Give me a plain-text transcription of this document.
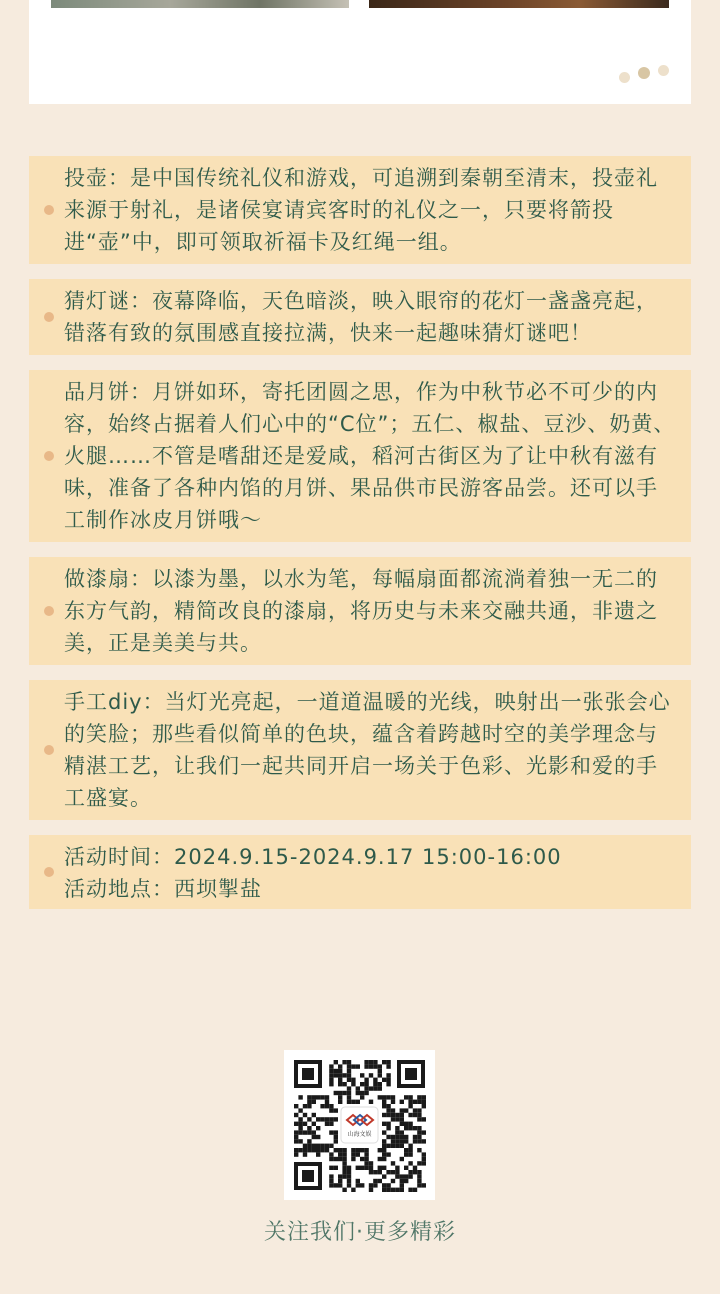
投壶：是中国传统礼仪和游戏，可追溯到秦朝至清末，投壶礼来源于射礼，是诸侯宴请宾客时的礼仪之一，只要将箭投进“壶”中，即可领取祈福卡及红绳一组。

猜灯谜：夜幕降临，天色暗淡，映入眼帘的花灯一盏盏亮起，错落有致的氛围感直接拉满，快来一起趣味猜灯谜吧！

品月饼：月饼如环，寄托团圆之思，作为中秋节必不可少的内容，始终占据着人们心中的“C位”；五仁、椒盐、豆沙、奶黄、火腿……不管是嗜甜还是爱咸，稻河古街区为了让中秋有滋有味，准备了各种内馅的月饼、果品供市民游客品尝。还可以手工制作冰皮月饼哦～

做漆扇：以漆为墨，以水为笔，每幅扇面都流淌着独一无二的东方气韵，精简改良的漆扇，将历史与未来交融共通，非遗之美，正是美美与共。

手工diy：当灯光亮起，一道道温暖的光线，映射出一张张会心的笑脸；那些看似简单的色块，蕴含着跨越时空的美学理念与精湛工艺，让我们一起共同开启一场关于色彩、光影和爱的手工盛宴。

活动时间：2024.9.15-2024.9.17 15:00-16:00

活动地点：西坝掣盐

山海文娱
关注我们·更多精彩
